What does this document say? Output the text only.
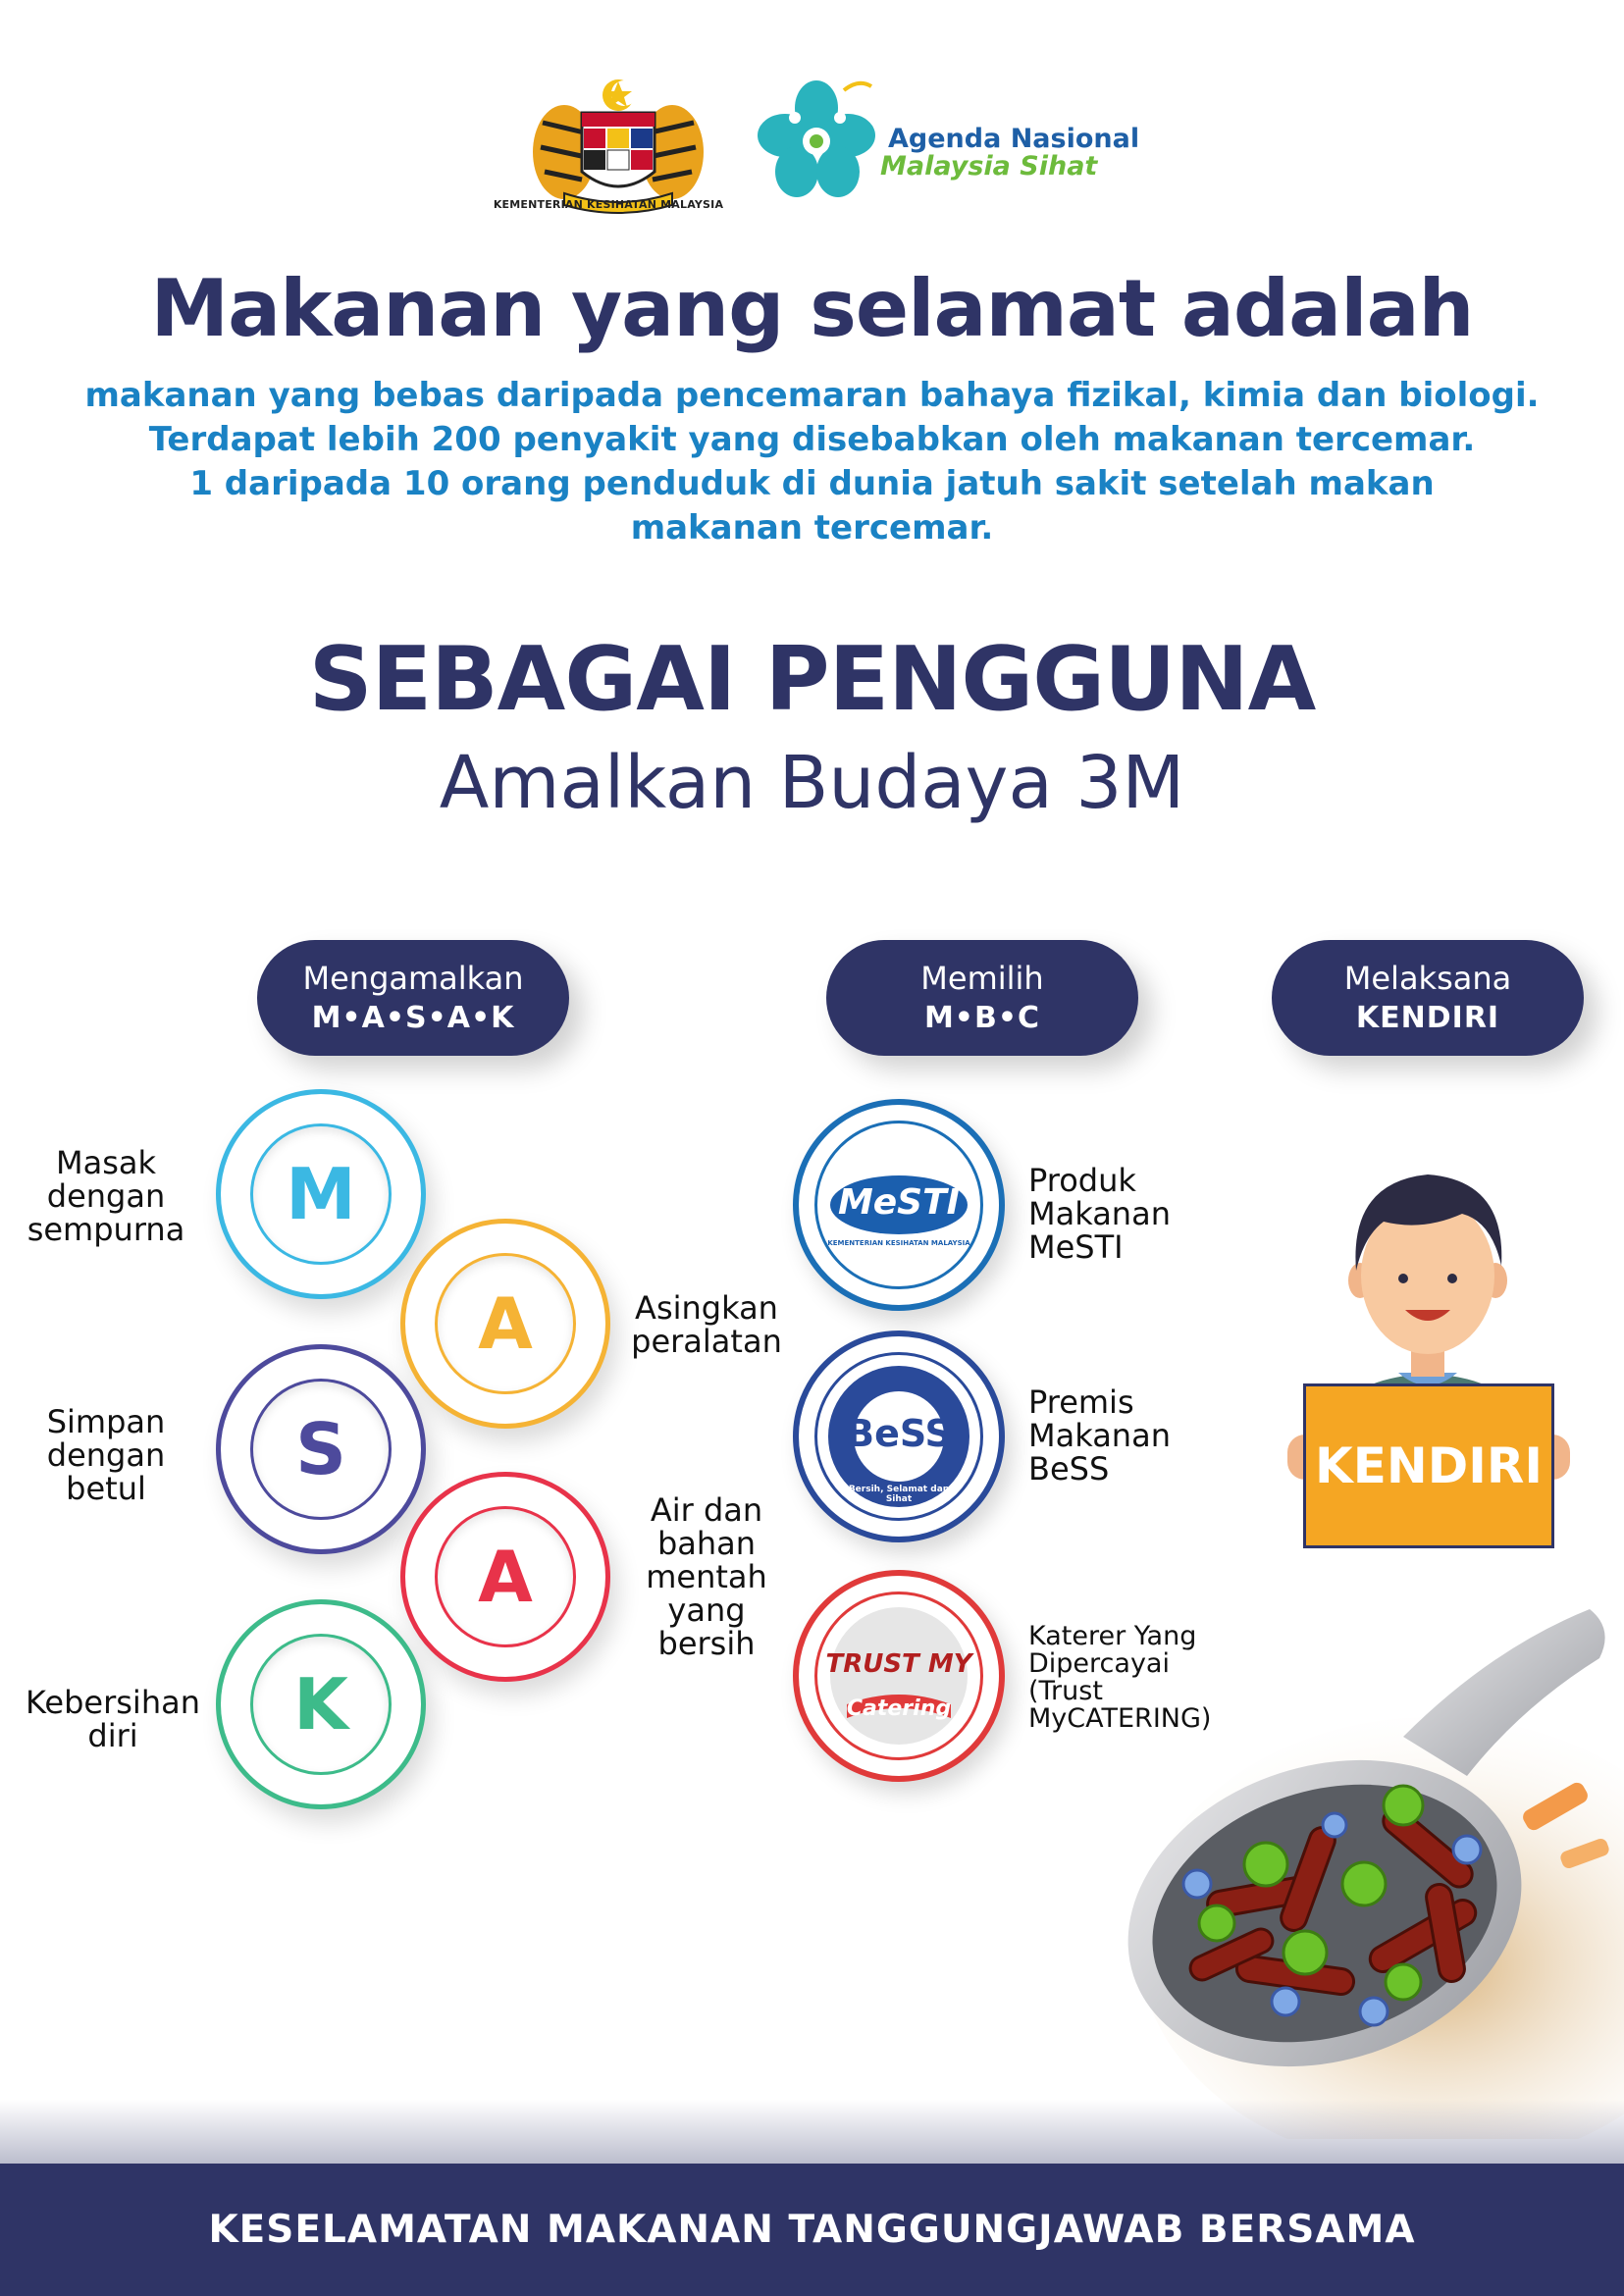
KEMENTERIAN KESIHATAN MALAYSIA
Agenda Nasional
Malaysia Sihat
Makanan yang selamat adalah
makanan yang bebas daripada pencemaran bahaya fizikal, kimia dan biologi.
Terdapat lebih 200 penyakit yang disebabkan oleh makanan tercemar.
1 daripada 10 orang penduduk di dunia jatuh sakit setelah makan
makanan tercemar.
SEBAGAI PENGGUNA
Amalkan Budaya 3M
Mengamalkan
M•A•S•A•K
Memilih
M•B•C
Melaksana
KENDIRI
M
A
S
A
K
Masak
dengan
sempurna
Asingkan
peralatan
Simpan
dengan
betul
Air dan
bahan
mentah
yang
bersih
Kebersihan
diri
MeSTI
KEMENTERIAN KESIHATAN MALAYSIA
BeSS
Bersih, Selamat dan Sihat
TRUST MY
Catering
Produk
Makanan
MeSTI
Premis
Makanan
BeSS
Katerer Yang
Dipercayai
(Trust
MyCATERING)
KENDIRI
KESELAMATAN MAKANAN TANGGUNGJAWAB BERSAMA
